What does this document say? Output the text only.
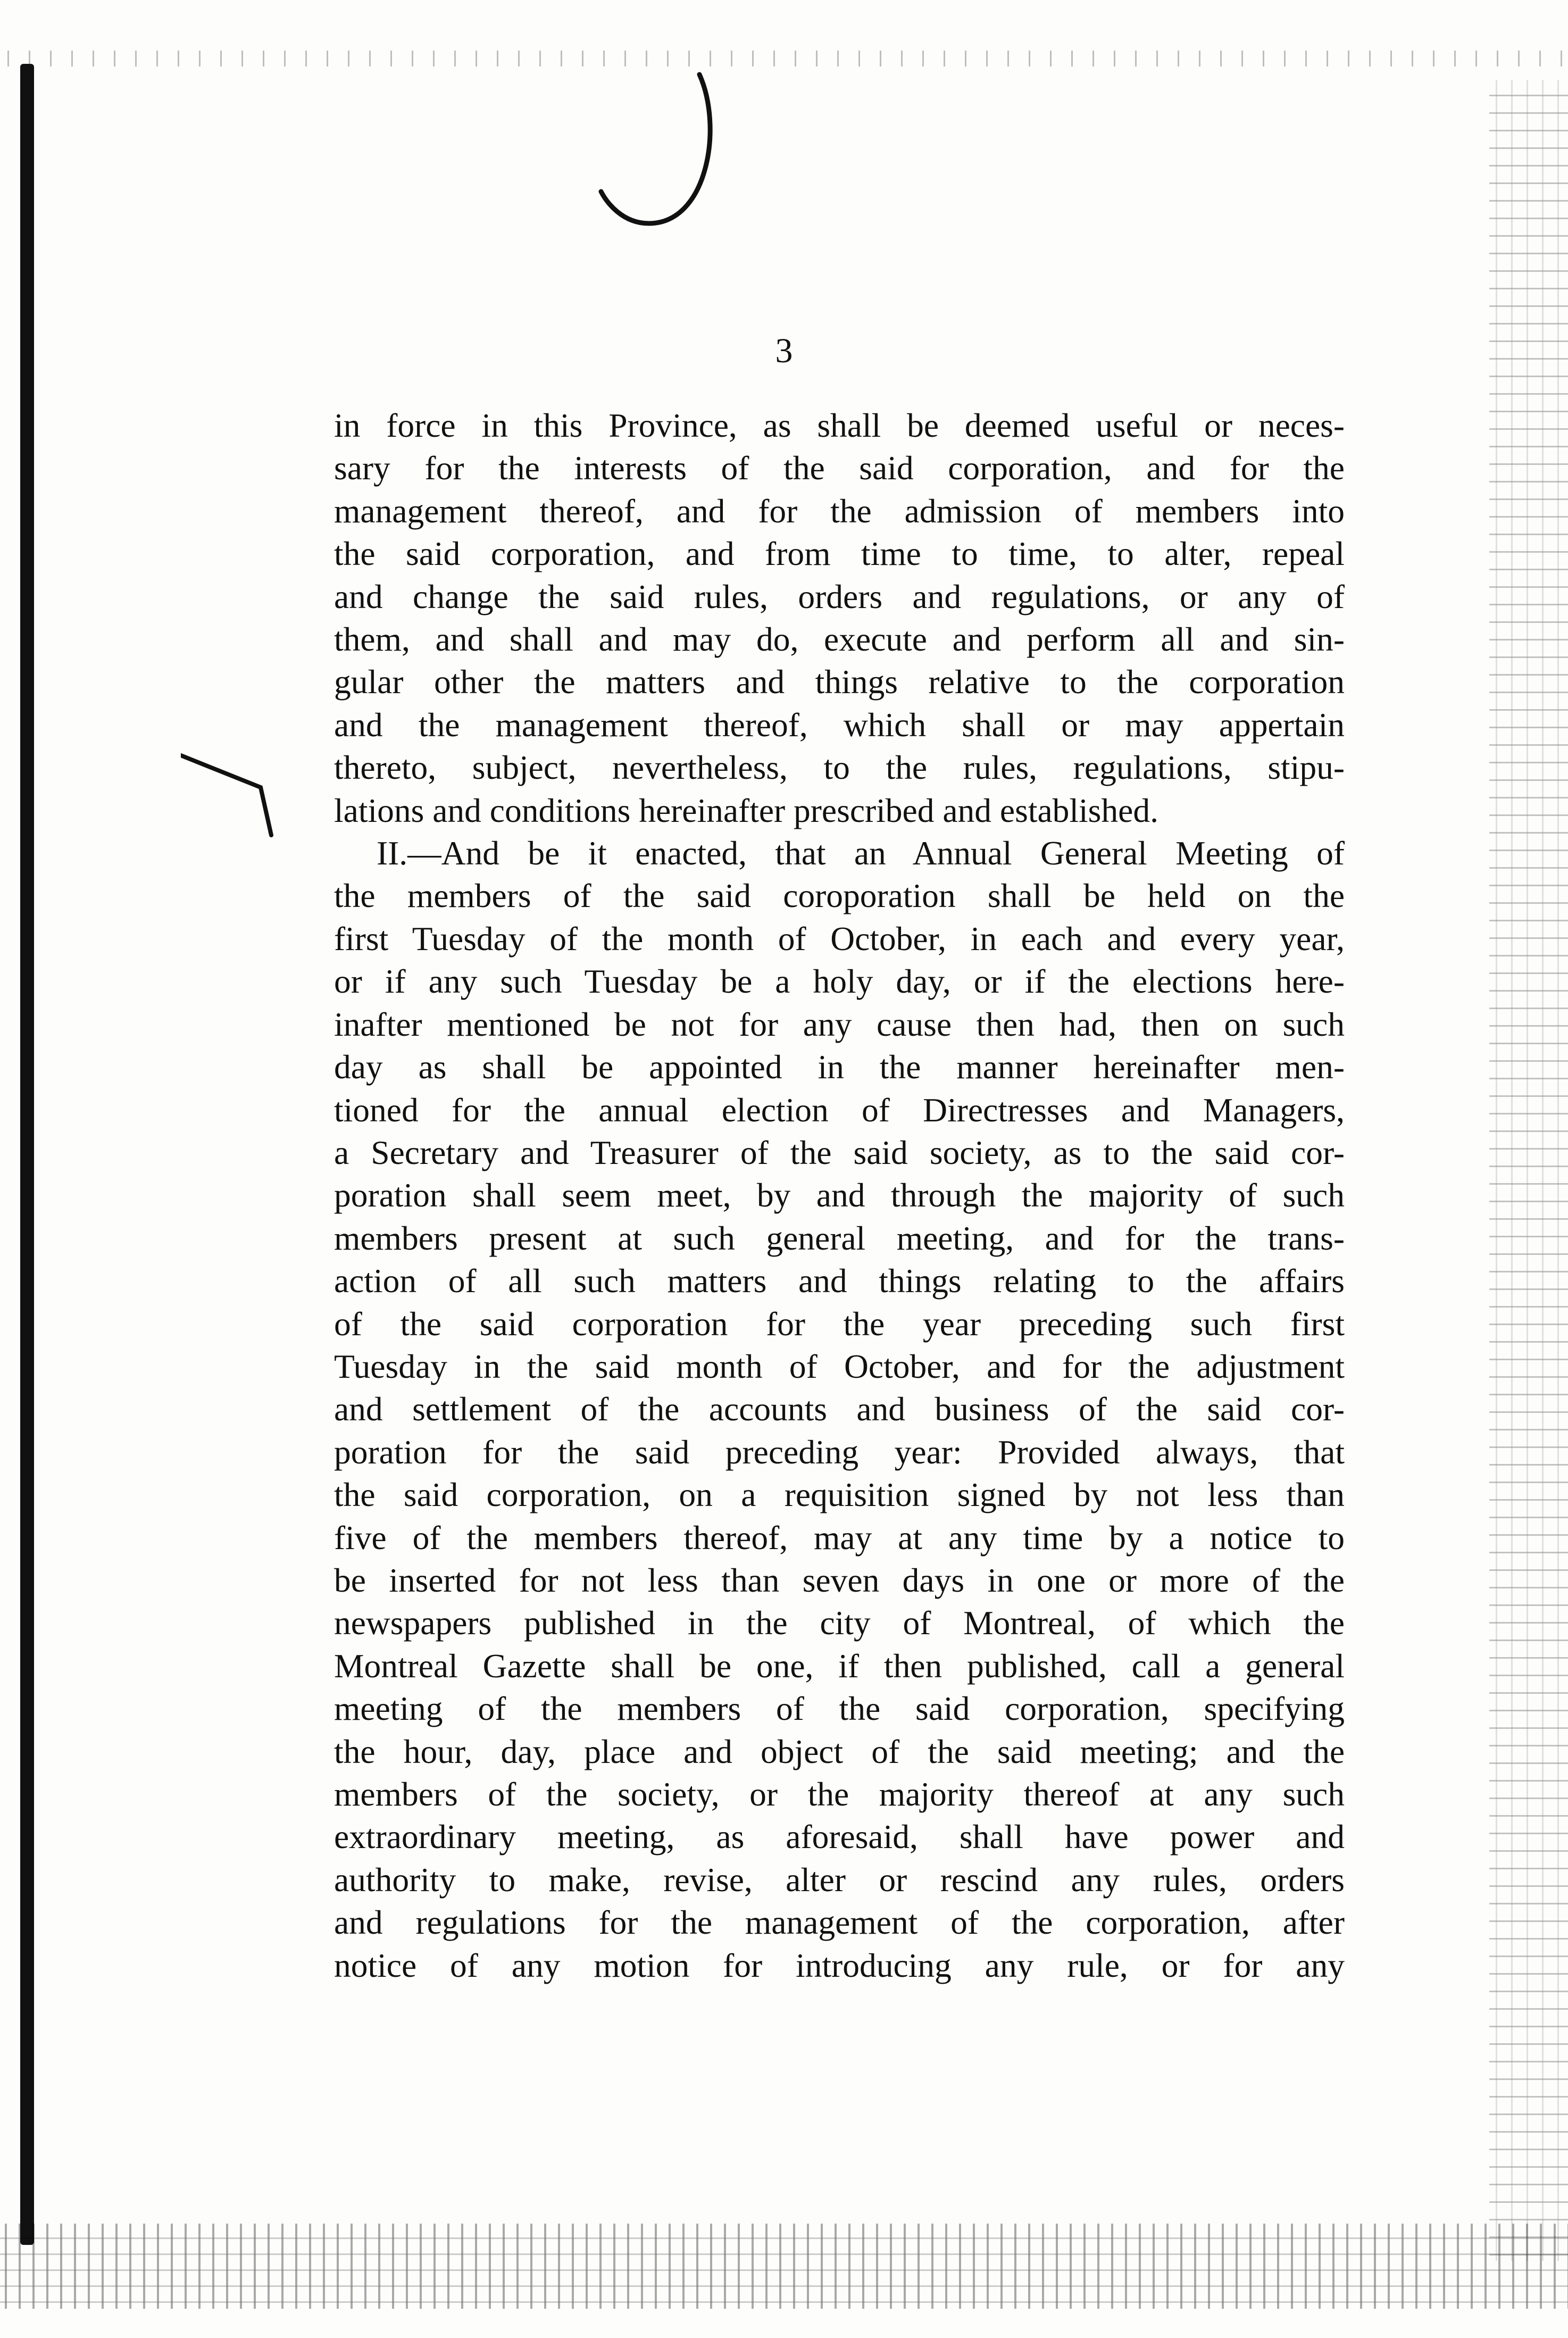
3
in force in this Province, as shall be deemed useful or neces-
sary for the interests of the said corporation, and for the
management thereof, and for the admission of members into
the said corporation, and from time to time, to alter, repeal
and change the said rules, orders and regulations, or any of
them, and shall and may do, execute and perform all and sin-
gular other the matters and things relative to the corporation
and the management thereof, which shall or may appertain
thereto, subject, nevertheless, to the rules, regulations, stipu-
lations and conditions hereinafter prescribed and established.
II.—And be it enacted, that an Annual General Meeting of
the members of the said coroporation shall be held on the
first Tuesday of the month of October, in each and every year,
or if any such Tuesday be a holy day, or if the elections here-
inafter mentioned be not for any cause then had, then on such
day as shall be appointed in the manner hereinafter men-
tioned for the annual election of Directresses and Managers,
a Secretary and Treasurer of the said society, as to the said cor-
poration shall seem meet, by and through the majority of such
members present at such general meeting, and for the trans-
action of all such matters and things relating to the affairs
of the said corporation for the year preceding such first
Tuesday in the said month of October, and for the adjustment
and settlement of the accounts and business of the said cor-
poration for the said preceding year: Provided always, that
the said corporation, on a requisition signed by not less than
five of the members thereof, may at any time by a notice to
be inserted for not less than seven days in one or more of the
newspapers published in the city of Montreal, of which the
Montreal Gazette shall be one, if then published, call a general
meeting of the members of the said corporation, specifying
the hour, day, place and object of the said meeting; and the
members of the society, or the majority thereof at any such
extraordinary meeting, as aforesaid, shall have power and
authority to make, revise, alter or rescind any rules, orders
and regulations for the management of the corporation, after
notice of any motion for introducing any rule, or for any
